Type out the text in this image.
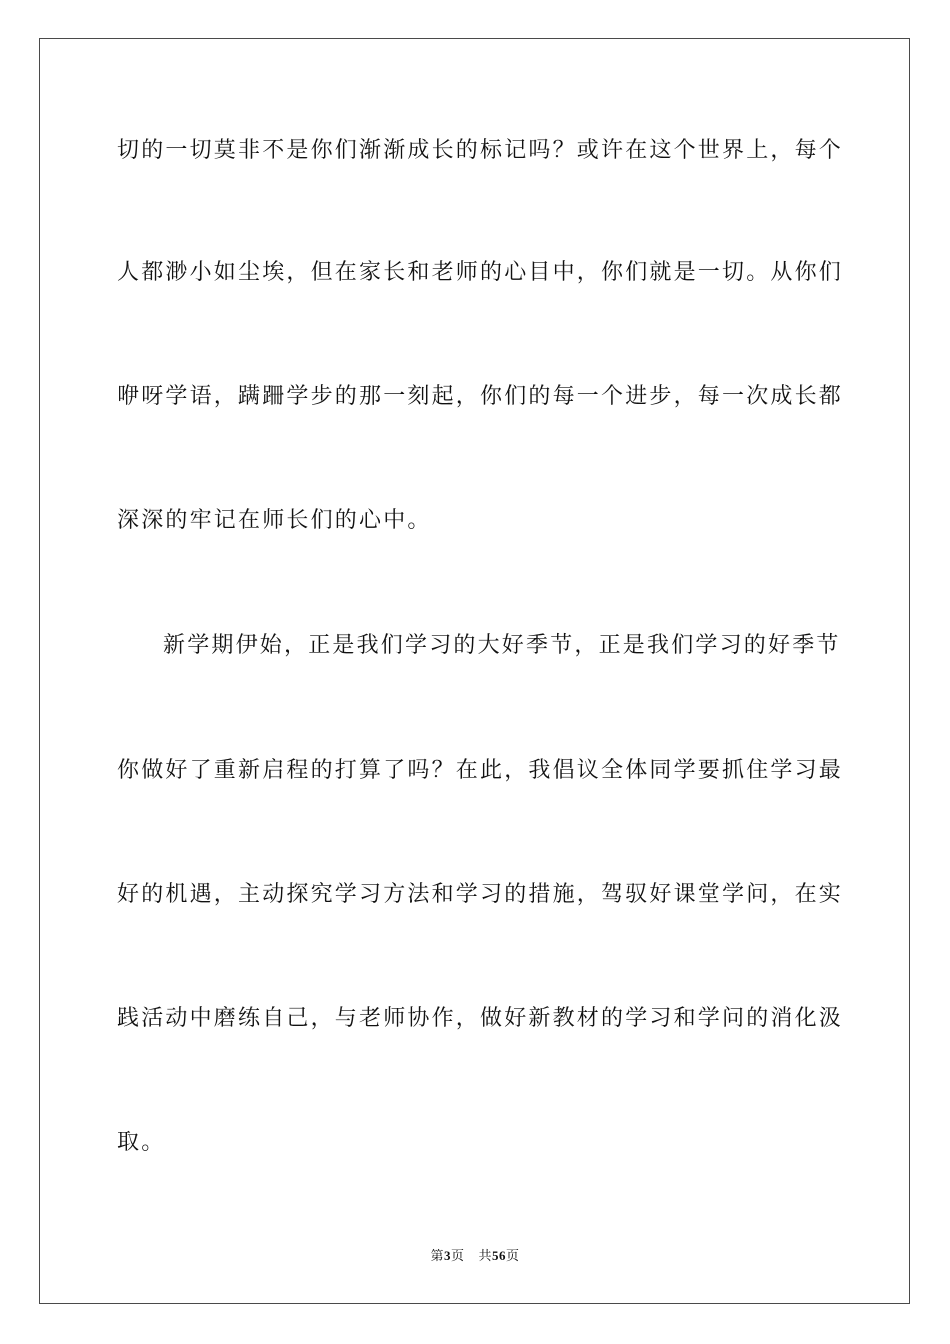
切的一切莫非不是你们渐渐成长的标记吗？或许在这个世界上，每个
人都渺小如尘埃，但在家长和老师的心目中，你们就是一切。从你们
咿呀学语，蹒跚学步的那一刻起，你们的每一个进步，每一次成长都
深深的牢记在师长们的心中。
新学期伊始，正是我们学习的大好季节，正是我们学习的好季节
你做好了重新启程的打算了吗？在此，我倡议全体同学要抓住学习最
好的机遇，主动探究学习方法和学习的措施，驾驭好课堂学问，在实
践活动中磨练自己，与老师协作，做好新教材的学习和学问的消化汲
取。
第3页 共56页
